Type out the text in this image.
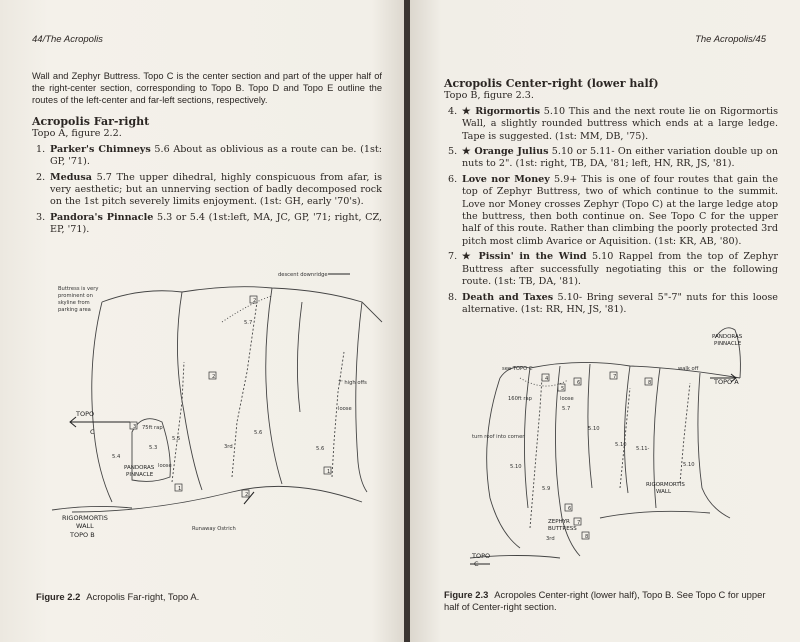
44/The Acropolis
Wall and Zephyr Buttress. Topo C is the center section and part of the upper half of the right-center section, corresponding to Topo B. Topo D and Topo E outline the routes of the left-center and far-left sections, respectively.
Acropolis Far-right
Topo A, figure 2.2.
1. Parker's Chimneys 5.6 About as oblivious as a route can be. (1st: GP, '71).
2. Medusa 5.7 The upper dihedral, highly conspicuous from afar, is very aesthetic; but an unnerving section of badly decomposed rock on the 1st pitch severely limits enjoyment. (1st: GH, early '70's).
3. Pandora's Pinnacle 5.3 or 5.4 (1st:left, MA, JC, GP, '71; right, CZ, EP, '71).
2
2
3
1
1
2
Buttress is very
prominent on
skyline from
parking area
descent downridge
5.7
5.5
5.4
5.3	5.6
5.6
3rd
loose
loose
7' high offs
75ft rap
Runaway Ostrich
TOPO
C
PANDORAS
PINNACLE
RIGORMORTIS
WALL
TOPO B
Figure 2.2 Acropolis Far-right, Topo A.
The Acropolis/45
Acropolis Center-right (lower half)
Topo B, figure 2.3.
4. ★ Rigormortis 5.10 This and the next route lie on Rigormortis Wall, a slightly rounded buttress which ends at a large ledge. Tape is suggested. (1st: MM, DB, '75).
5. ★ Orange Julius 5.10 or 5.11- On either variation double up on nuts to 2". (1st: right, TB, DA, '81; left, HN, RR, JS, '81).
6. Love nor Money 5.9+ This is one of four routes that gain the top of Zephyr Buttress, two of which continue to the summit. Love nor Money crosses Zephyr (Topo C) at the large ledge atop the buttress, then both continue on. See Topo C for the upper half of this route. Rather than climbing the poorly protected 3rd pitch most climb Avarice or Aquisition. (1st: KR, AB, '80).
7. ★ Pissin' in the Wind 5.10 Rappel from the top of Zephyr Buttress after successfully negotiating this or the following route. (1st: TB, DA, '81).
8. Death and Taxes 5.10- Bring several 5"-7" nuts for this loose alternative. (1st: RR, HN, JS, '81).
4
5
6
7
8
6
7
8
see TOPO C	walk off
5.10
5.10
5.11-
5.10
5.9
5.7
5.10
3rd
loose
160ft rap
turn roof into corner
PANDORAS
PINNACLE
TOPO A
RIGORMORTIS
WALL
ZEPHYR
BUTTRESS
TOPO
C
Figure 2.3 Acropoles Center-right (lower half), Topo B. See Topo C for upper half of Center-right section.
